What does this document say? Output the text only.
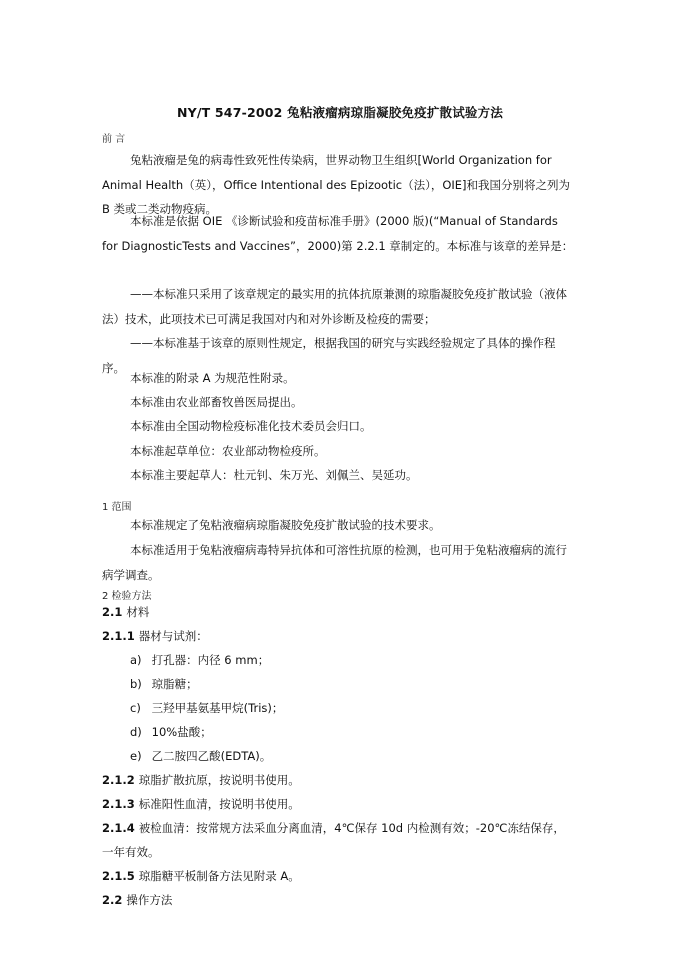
NY/T 547-2002 兔粘液瘤病琼脂凝胶免疫扩散试验方法
前 言
兔粘液瘤是兔的病毒性致死性传染病，世界动物卫生组织[World Organization for Animal Health（英），Office Intentional des Epizootic（法），OIE]和我国分别将之列为 B 类或二类动物疫病。
本标准是依据 OIE 《诊断试验和疫苗标准手册》(2000 版)(“Manual of Standards for DiagnosticTests and Vaccines”，2000)第 2.2.1 章制定的。本标准与该章的差异是：
——本标准只采用了该章规定的最实用的抗体抗原兼测的琼脂凝胶免疫扩散试验（液体法）技术，此项技术已可满足我国对内和对外诊断及检疫的需要；
——本标准基于该章的原则性规定，根据我国的研究与实践经验规定了具体的操作程序。
本标准的附录 A 为规范性附录。
本标准由农业部畜牧兽医局提出。
本标准由全国动物检疫标准化技术委员会归口。
本标准起草单位：农业部动物检疫所。
本标准主要起草人：杜元钊、朱万光、刘佩兰、吴延功。
1 范围
本标准规定了兔粘液瘤病琼脂凝胶免疫扩散试验的技术要求。
本标准适用于兔粘液瘤病毒特异抗体和可溶性抗原的检测，也可用于兔粘液瘤病的流行病学调查。
2 检验方法
2.1 材料
2.1.1 器材与试剂：
a) 打孔器：内径 6 mm；
b) 琼脂糖；
c) 三羟甲基氨基甲烷(Tris)；
d) 10%盐酸；
e) 乙二胺四乙酸(EDTA)。
2.1.2 琼脂扩散抗原，按说明书使用。
2.1.3 标准阳性血清，按说明书使用。
2.1.4 被检血清：按常规方法采血分离血清，4℃保存 10d 内检测有效；-20℃冻结保存，
一年有效。
2.1.5 琼脂糖平板制备方法见附录 A。
2.2 操作方法
